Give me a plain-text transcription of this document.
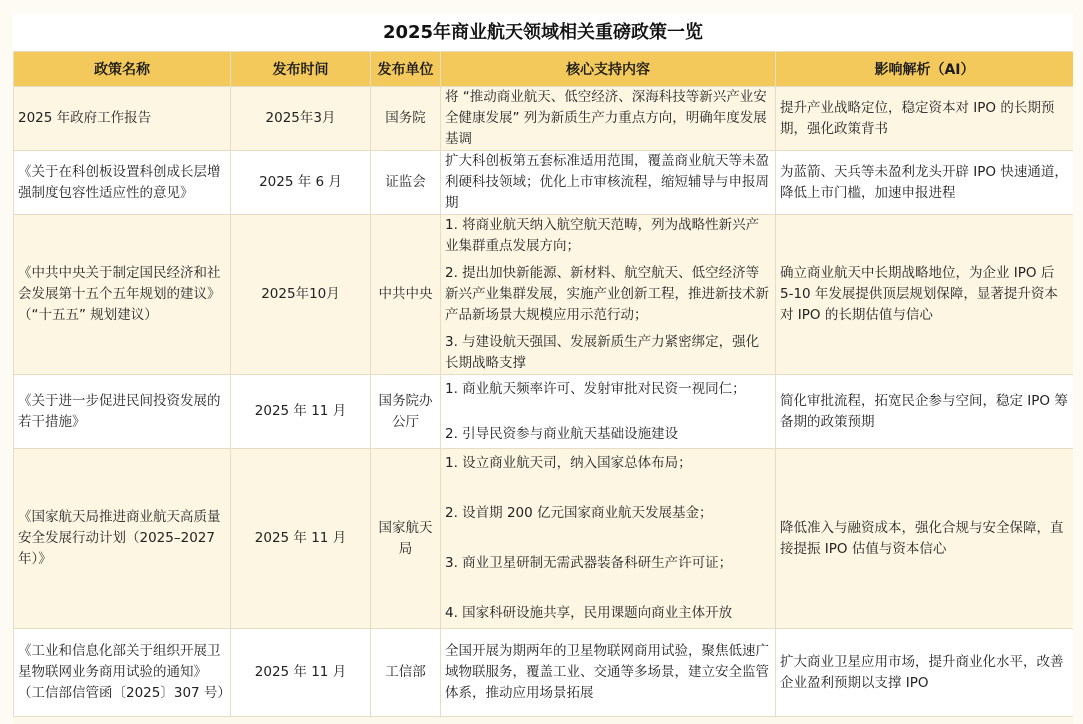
2025年商业航天领域相关重磅政策一览
政策名称	发布时间	发布单位	核心支持内容	影响解析（AI）
2025 年政府工作报告	2025年3月	国务院	将 “推动商业航天、低空经济、深海科技等新兴产业安全健康发展” 列为新质生产力重点方向，明确年度发展基调	提升产业战略定位，稳定资本对 IPO 的长期预期，强化政策背书
《关于在科创板设置科创成长层增强制度包容性适应性的意见》	2025 年 6 月	证监会	扩大科创板第五套标准适用范围，覆盖商业航天等未盈利硬科技领域；优化上市审核流程，缩短辅导与申报周期	为蓝箭、天兵等未盈利龙头开辟 IPO 快速通道，降低上市门槛，加速申报进程
《中共中央关于制定国民经济和社会发展第十五个五年规划的建议》（“十五五” 规划建议）	2025年10月	中共中央	1. 将商业航天纳入航空航天范畴，列为战略性新兴产业集群重点发展方向；
2. 提出加快新能源、新材料、航空航天、低空经济等新兴产业集群发展，实施产业创新工程，推进新技术新产品新场景大规模应用示范行动；
3. 与建设航天强国、发展新质生产力紧密绑定，强化长期战略支撑	确立商业航天中长期战略地位，为企业 IPO 后 5-10 年发展提供顶层规划保障，显著提升资本对 IPO 的长期估值与信心
《关于进一步促进民间投资发展的若干措施》	2025 年 11 月	国务院办公厅	1. 商业航天频率许可、发射审批对民资一视同仁；
2. 引导民资参与商业航天基础设施建设	简化审批流程，拓宽民企参与空间，稳定 IPO 筹备期的政策预期
《国家航天局推进商业航天高质量安全发展行动计划（2025–2027 年）》	2025 年 11 月	国家航天局	1. 设立商业航天司，纳入国家总体布局；
2. 设首期 200 亿元国家商业航天发展基金；
3. 商业卫星研制无需武器装备科研生产许可证；
4. 国家科研设施共享，民用课题向商业主体开放	降低准入与融资成本，强化合规与安全保障，直接提振 IPO 估值与资本信心
《工业和信息化部关于组织开展卫星物联网业务商用试验的通知》（工信部信管函〔2025〕307 号）	2025 年 11 月	工信部	全国开展为期两年的卫星物联网商用试验，聚焦低速广域物联服务，覆盖工业、交通等多场景，建立安全监管体系，推动应用场景拓展	扩大商业卫星应用市场，提升商业化水平，改善企业盈利预期以支撑 IPO
